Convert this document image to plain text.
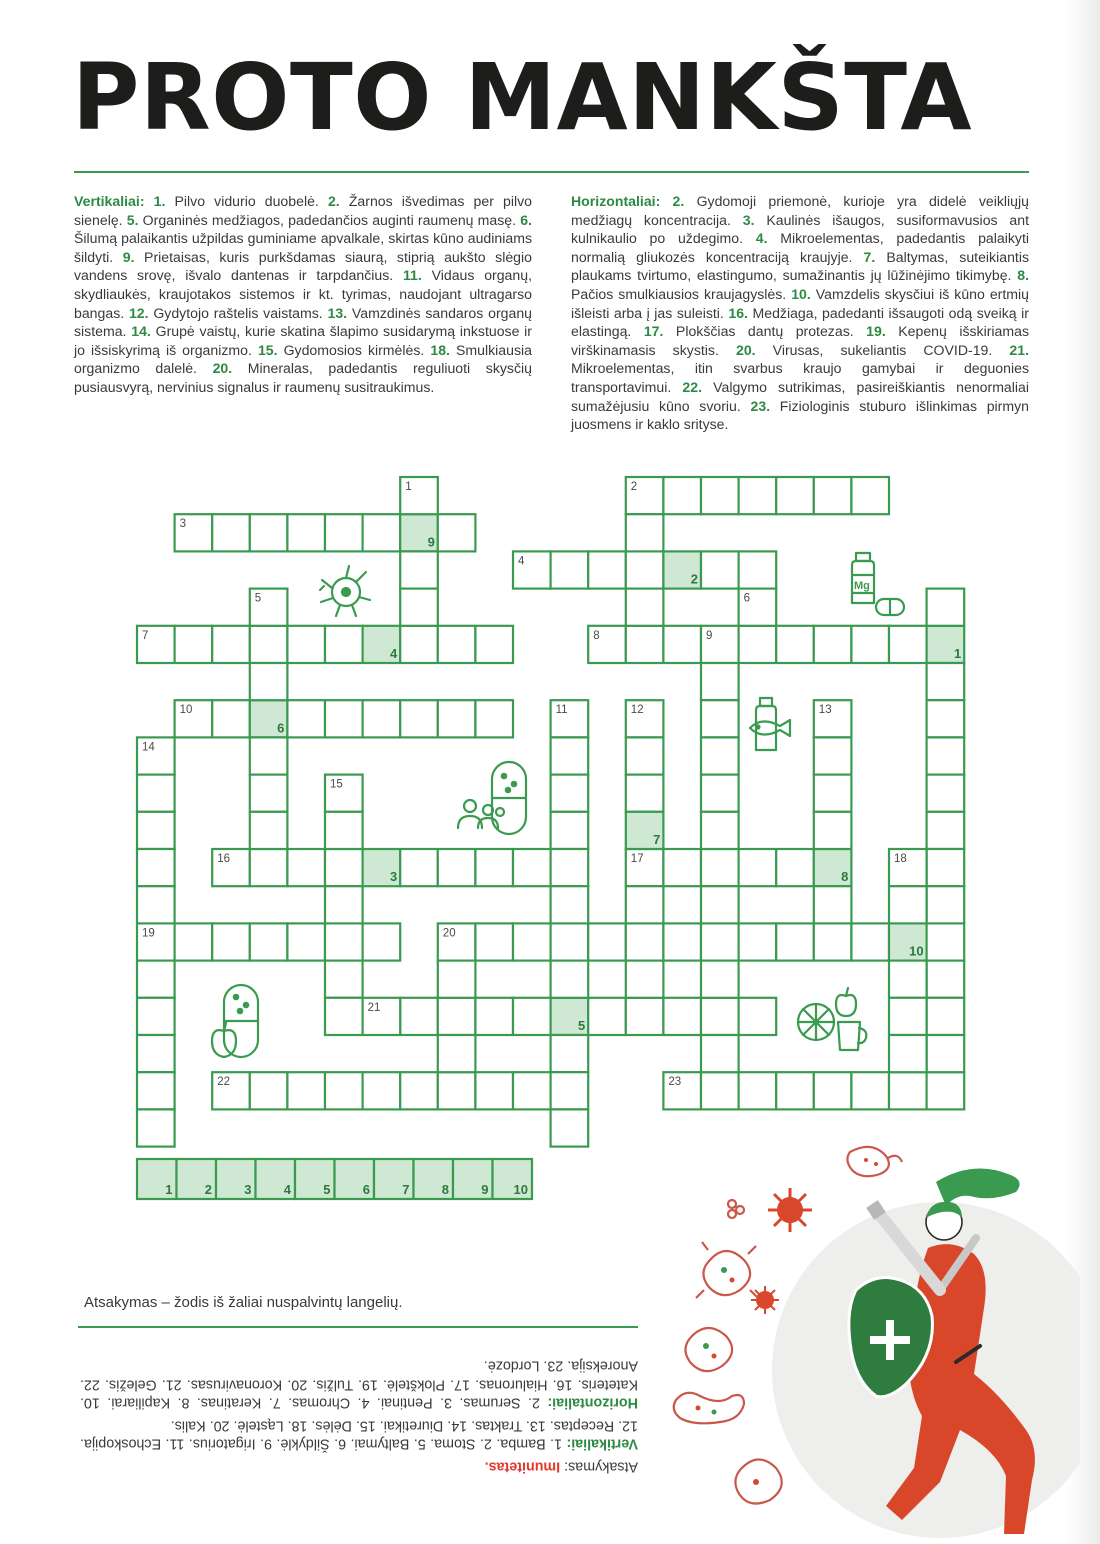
PROTO MANKŠTA
Vertikaliai: 1. Pilvo vidurio duobelė. 2. Žarnos išvedimas per pilvo sienelę. 5. Organinės medžiagos, padedančios auginti raumenų masę. 6. Šilumą palaikantis užpildas guminiame apvalkale, skirtas kūno audiniams šildyti. 9. Prietaisas, kuris purkšdamas siaurą, stiprią aukšto slėgio vandens srovę, išvalo dantenas ir tarpdančius. 11. Vidaus organų, skydliaukės, kraujotakos sistemos ir kt. tyrimas, naudojant ultragarso bangas. 12. Gydytojo raštelis vaistams. 13. Vamzdinės sandaros organų sistema. 14. Grupė vaistų, kurie skatina šlapimo susidarymą inkstuose ir jo išsiskyrimą iš organizmo. 15. Gydomosios kirmėlės. 18. Smulkiausia organizmo dalelė. 20. Mineralas, padedantis reguliuoti skysčių pusiausvyrą, nervinius signalus ir raumenų susitraukimus.
Horizontaliai: 2. Gydomoji priemonė, kurioje yra didelė veikliųjų medžiagų koncentracija. 3. Kaulinės išaugos, susiformavusios ant kulnikaulio po uždegimo. 4. Mikroelementas, padedantis palaikyti normalią gliukozės koncentraciją kraujyje. 7. Baltymas, suteikiantis plaukams tvirtumo, elastingumo, sumažinantis jų lūžinėjimo tikimybę. 8. Pačios smulkiausios kraujagyslės. 10. Vamzdelis skysčiui iš kūno ertmių išleisti arba į jas suleisti. 16. Medžiaga, padedanti išsaugoti odą sveiką ir elastingą. 17. Plokščias dantų protezas. 19. Kepenų išskiriamas virškinamasis skystis. 20. Virusas, sukeliantis COVID-19. 21. Mikroelementas, itin svarbus kraujo gamybai ir deguonies transportavimui. 22. Valgymo sutrikimas, pasireiškiantis nenormaliai sumažėjusiu kūno svoriu. 23. Fiziologinis stuburo išlinkimas pirmyn juosmens ir kaklo srityse.
3
9
2
4
2
7
4
8	9
1
10
6
16
3
17
8
19	20
10
5
22	23
1
5
11	12
7
13
14
15
18
6
21
1 2 3 4 5 6 7 8 9 10
Mg
Atsakymas – žodis iš žaliai nuspalvintų langelių.

Atsakymas: Imunitetas.

Vertikaliai: 1. Bamba. 2. Stoma. 5. Baltymai. 6. Šildyklė. 9. Irigatorius. 11. Echoskopija. 12. Receptas. 13. Traktas. 14. Diuretikai. 15. Dėlės. 18. Ląstelė. 20. Kalis.

Horizontaliai: 2. Serumas. 3. Pentinai. 4. Chromas. 7. Keratinas. 8. Kapiliarai. 10. Kateteris. 16. Hialuronas. 17. Plokštelė. 19. Tulžis. 20. Koronavirusas. 21. Geležis. 22. Anoreksija. 23. Lordozė.
